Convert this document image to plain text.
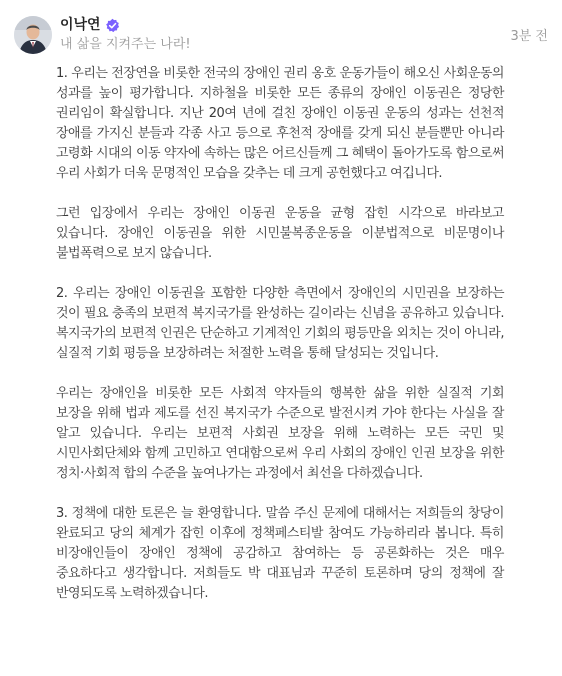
이낙연
내 삶을 지켜주는 나라!
3분 전

1. 우리는 전장연을 비롯한 전국의 장애인 권리 옹호 운동가들이 해오신 사회운동의 성과를 높이 평가합니다. 지하철을 비롯한 모든 종류의 장애인 이동권은 정당한 권리임이 확실합니다. 지난 20여 년에 걸친 장애인 이동권 운동의 성과는 선천적 장애를 가지신 분들과 각종 사고 등으로 후천적 장애를 갖게 되신 분들뿐만 아니라 고령화 시대의 이동 약자에 속하는 많은 어르신들께 그 혜택이 돌아가도록 함으로써 우리 사회가 더욱 문명적인 모습을 갖추는 데 크게 공헌했다고 여깁니다.

그런 입장에서 우리는 장애인 이동권 운동을 균형 잡힌 시각으로 바라보고 있습니다. 장애인 이동권을 위한 시민불복종운동을 이분법적으로 비문명이나 불법폭력으로 보지 않습니다.

2. 우리는 장애인 이동권을 포함한 다양한 측면에서 장애인의 시민권을 보장하는 것이 필요 충족의 보편적 복지국가를 완성하는 길이라는 신념을 공유하고 있습니다. 복지국가의 보편적 인권은 단순하고 기계적인 기회의 평등만을 외치는 것이 아니라, 실질적 기회 평등을 보장하려는 처절한 노력을 통해 달성되는 것입니다.

우리는 장애인을 비롯한 모든 사회적 약자들의 행복한 삶을 위한 실질적 기회 보장을 위해 법과 제도를 선진 복지국가 수준으로 발전시켜 가야 한다는 사실을 잘 알고 있습니다. 우리는 보편적 사회권 보장을 위해 노력하는 모든 국민 및 시민사회단체와 함께 고민하고 연대함으로써 우리 사회의 장애인 인권 보장을 위한 정치·사회적 합의 수준을 높여나가는 과정에서 최선을 다하겠습니다.

3. 정책에 대한 토론은 늘 환영합니다. 말씀 주신 문제에 대해서는 저희들의 창당이 완료되고 당의 체계가 잡힌 이후에 정책페스티발 참여도 가능하리라 봅니다. 특히 비장애인들이 장애인 정책에 공감하고 참여하는 등 공론화하는 것은 매우 중요하다고 생각합니다. 저희들도 박 대표님과 꾸준히 토론하며 당의 정책에 잘 반영되도록 노력하겠습니다.
